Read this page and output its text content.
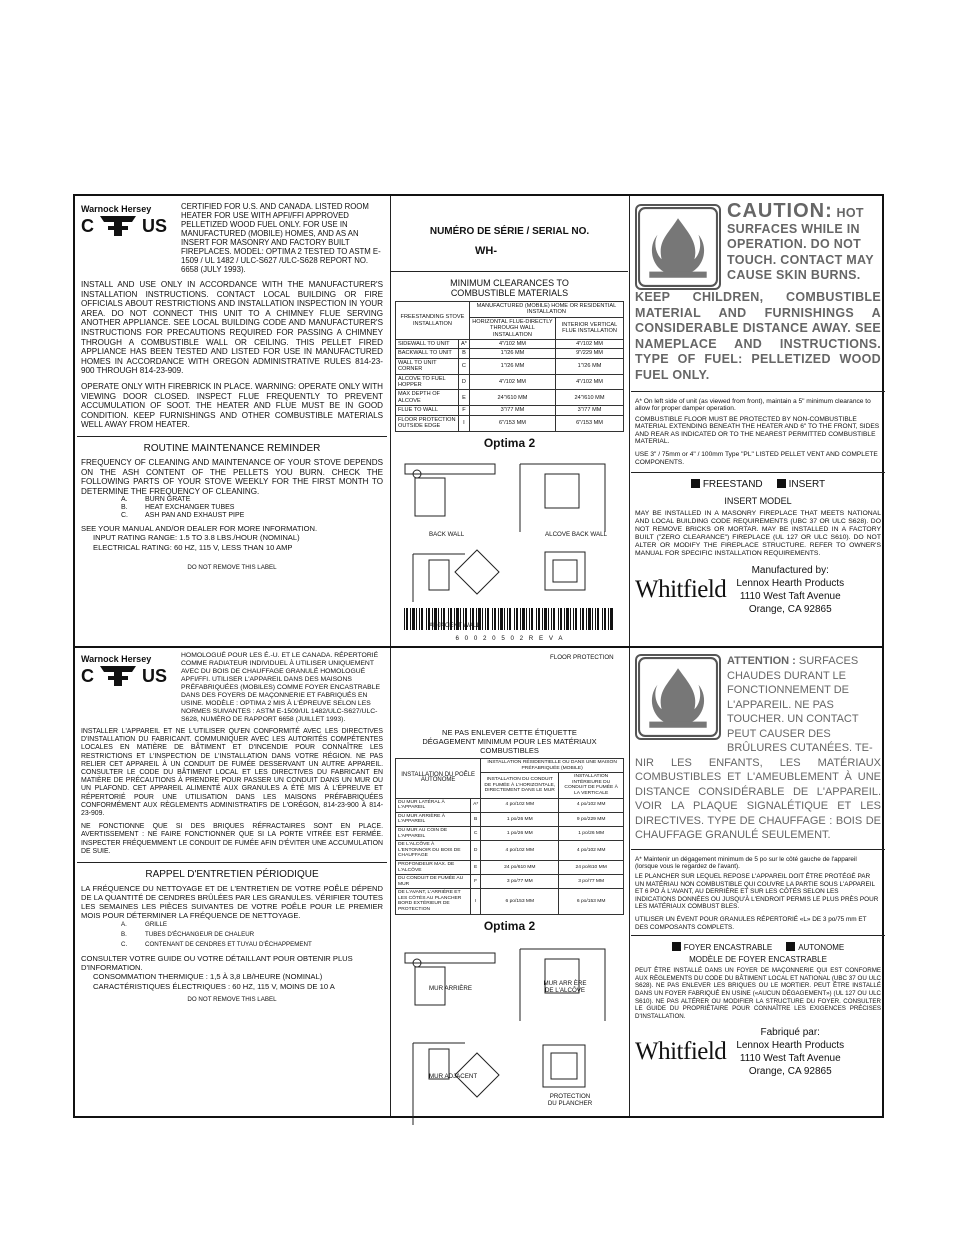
Warnock Hersey
C	US
CERTIFIED FOR U.S. AND CANADA. LISTED ROOM HEATER FOR USE WITH APFI/FFI APPROVED PELLETIZED WOOD FUEL ONLY. FOR USE IN MANUFACTURED (MOBILE) HOMES, AND AS AN INSERT FOR MASONRY AND FACTORY BUILT FIREPLACES. MODEL: OPTIMA 2 TESTED TO ASTM E-1509 / UL 1482 / ULC-S627 /ULC-S628 REPORT NO. 6658 (JULY 1993).
INSTALL AND USE ONLY IN ACCORDANCE WITH THE MANUFACTURER'S INSTALLATION INSTRUCTIONS. CONTACT LOCAL BUILDING OR FIRE OFFICIALS ABOUT RESTRICTIONS AND INSTALLATION INSPECTION IN YOUR AREA. DO NOT CONNECT THIS UNIT TO A CHIMNEY FLUE SERVING ANOTHER APPLIANCE. SEE LOCAL BUILDING CODE AND MANUFACTURER'S INSTRUCTIONS FOR PRECAUTIONS REQUIRED FOR PASSING A CHIMNEY THROUGH A COMBUSTIBLE WALL OR CEILING. THIS PELLET FIRED APPLIANCE HAS BEEN TESTED AND LISTED FOR USE IN MANUFACTURED HOMES IN ACCORDANCE WITH OREGON ADMINISTRATIVE RULES 814-23-900 THROUGH 814-23-909.
OPERATE ONLY WITH FIREBRICK IN PLACE. WARNING: OPERATE ONLY WITH VIEWING DOOR CLOSED. INSPECT FLUE FREQUENTLY TO PREVENT ACCUMULATION OF SOOT. THE HEATER AND FLUE MUST BE IN GOOD CONDITION. KEEP FURNISHINGS AND OTHER COMBUSTIBLE MATERIALS WELL AWAY FROM HEATER.
ROUTINE MAINTENANCE REMINDER
FREQUENCY OF CLEANING AND MAINTENANCE OF YOUR STOVE DEPENDS ON THE ASH CONTENT OF THE PELLETS YOU BURN. CHECK THE FOLLOWING PARTS OF YOUR STOVE WEEKLY FOR THE FIRST MONTH TO DETERMINE THE FREQUENCY OF CLEANING.
A.	BURN GRATE
B.	HEAT EXCHANGER TUBES
C.	ASH PAN AND EXHAUST PIPE
SEE YOUR MANUAL AND/OR DEALER FOR MORE INFORMATION.
INPUT RATING RANGE: 1.5 TO 3.8 LBS./HOUR (NOMINAL)
ELECTRICAL RATING: 60 HZ, 115 V, LESS THAN 10 AMP
DO NOT REMOVE THIS LABEL
NUMÉRO DE SÉRIE / SERIAL NO.
WH-
MINIMUM CLEARANCES TO COMBUSTIBLE MATERIALS
FREESTANDING STOVE INSTALLATION		MANUFACTURED (MOBILE) HOME OR RESIDENTIAL INSTALLATION	
		HORIZONTAL FLUE-DIRECTLY THROUGH WALL INSTALLATION	INTERIOR VERTICAL FLUE INSTALLATION
SIDEWALL TO UNIT	A*	4"/102 MM	4"/102 MM
BACKWALL TO UNIT	B	1"/26 MM	9"/229 MM
WALL TO UNIT CORNER	C	1"/26 MM	1"/26 MM
ALCOVE TO FUEL HOPPER	D	4"/102 MM	4"/102 MM
MAX DEPTH OF ALCOVE	E	24"/610 MM	24"/610 MM
FLUE TO WALL	F	3"/77 MM	3"/77 MM
FLOOR PROTECTION OUTSIDE EDGE	I	6"/153 MM	6"/153 MM
Optima 2
BACK WALL	ALCOVE BACK WALL
ADJACENT WALL
FLOOR PROTECTION
6 0 0 2 0 5 0 2 R E V A
CAUTION: HOT SURFACES WHILE IN OPERATION. DO NOT TOUCH. CONTACT MAY CAUSE SKIN BURNS.
KEEP CHILDREN, COMBUSTIBLE MATERIAL AND FURNISHINGS A CONSIDERABLE DISTANCE AWAY. SEE NAMEPLACE AND INSTRUCTIONS. TYPE OF FUEL: PELLETIZED WOOD FUEL ONLY.
A* On left side of unit (as viewed from front), maintain a 5" minimum clearance to allow for proper damper operation.
COMBUSTIBLE FLOOR MUST BE PROTECTED BY NON-COMBUSTIBLE MATERIAL EXTENDING BENEATH THE HEATER AND 6" TO THE FRONT, SIDES AND REAR AS INDICATED OR TO THE NEAREST PERMITTED COMBUSTIBLE MATERIAL.
USE 3" / 75mm or 4" / 100mm Type "PL" LISTED PELLET VENT AND COMPLETE COMPONENTS.
FREESTAND	INSERT
INSERT MODEL
MAY BE INSTALLED IN A MASONRY FIREPLACE THAT MEETS NATIONAL AND LOCAL BUILDING CODE REQUIREMENTS (UBC 37 OR ULC S628). DO NOT REMOVE BRICKS OR MORTAR. MAY BE INSTALLED IN A FACTORY BUILT ("ZERO CLEARANCE") FIREPLACE (UL 127 OR ULC S610). DO NOT ALTER OR MODIFY THE FIREPLACE STRUCTURE. REFER TO OWNER'S MANUAL FOR SPECIFIC INSTALLATION REQUIREMENTS.
Whitfield
Manufactured by:
Lennox Hearth Products
1110 West Taft Avenue
Orange, CA 92865
Warnock Hersey
C	US
HOMOLOGUÉ POUR LES É.-U. ET LE CANADA. RÉPERTORIÉ COMME RADIATEUR INDIVIDUEL À UTILISER UNIQUEMENT AVEC DU BOIS DE CHAUFFAGE GRANULÉ HOMOLOGUÉ APFI/FFI. UTILISER L'APPAREIL DANS DES MAISONS PRÉFABRIQUÉES (MOBILES) COMME FOYER ENCASTRABLE DANS DES FOYERS DE MAÇONNERIE ET FABRIQUÉS EN USINE. MODÈLE : OPTIMA 2 MIS À L'ÉPREUVE SELON LES NORMES SUIVANTES : ASTM E-1509/UL 1482/ULC-S627/ULC-S628, NUMÉRO DE RAPPORT 6658 (JUILLET 1993).
INSTALLER L'APPAREIL ET NE L'UTILISER QU'EN CONFORMITÉ AVEC LES DIRECTIVES D'INSTALLATION DU FABRICANT. COMMUNIQUER AVEC LES AUTORITÉS COMPÉTENTES LOCALES EN MATIÈRE DE BÂTIMENT ET D'INCENDIE POUR CONNAÎTRE LES RESTRICTIONS ET L'INSPECTION DE L'INSTALLATION DANS VOTRE RÉGION. NE PAS RELIER CET APPAREIL À UN CONDUIT DE FUMÉE DESSERVANT UN AUTRE APPAREIL. CONSULTER LE CODE DU BÂTIMENT LOCAL ET LES DIRECTIVES DU FABRICANT EN MATIÈRE DE PRÉCAUTIONS À PRENDRE POUR PASSER UN CONDUIT DANS UN MUR OU UN PLAFOND. CET APPAREIL ALIMENTÉ AUX GRANULES A ÉTÉ MIS À L'ÉPREUVE ET RÉPERTORIÉ POUR UNE UTILISATION DANS LES MAISONS PRÉFABRIQUÉES CONFORMÉMENT AUX RÈGLEMENTS ADMINISTRATIFS DE L'ORÉGON, 814-23-900 À 814-23-909.
NE FONCTIONNE QUE SI DES BRIQUES RÉFRACTAIRES SONT EN PLACE. AVERTISSEMENT : NE FAIRE FONCTIONNER QUE SI LA PORTE VITRÉE EST FERMÉE. INSPECTER FRÉQUEMMENT LE CONDUIT DE FUMÉE AFIN D'ÉVITER UNE ACCUMULATION DE SUIE.
RAPPEL D'ENTRETIEN PÉRIODIQUE
LA FRÉQUENCE DU NETTOYAGE ET DE L'ENTRETIEN DE VOTRE POÊLE DÉPEND DE LA QUANTITÉ DE CENDRES BRÛLÉES PAR LES GRANULES. VÉRIFIER TOUTES LES SEMAINES LES PIÈCES SUIVANTES DE VOTRE POÊLE POUR LE PREMIER MOIS POUR DÉTERMINER LA FRÉQUENCE DE NETTOYAGE.
A.	GRILLE
B.	TUBES D'ÉCHANGEUR DE CHALEUR
C.	CONTENANT DE CENDRES ET TUYAU D'ÉCHAPPEMENT
CONSULTER VOTRE GUIDE OU VOTRE DÉTAILLANT POUR OBTENIR PLUS D'INFORMATION.
CONSOMMATION THERMIQUE : 1,5 À 3,8 LB/HEURE (NOMINAL)
CARACTÉRISTIQUES ÉLECTRIQUES : 60 HZ, 115 V, MOINS DE 10 A
DO NOT REMOVE THIS LABEL
NE PAS ENLEVER CETTE ÉTIQUETTE
DÉGAGEMENT MINIMUM POUR LES MATÉRIAUX COMBUSTIBLES
INSTALLATION DU POÊLE AUTONOME		INSTALLATION RÉSIDENTIELLE OU DANS UNE MAISON PRÉFABRIQUÉE (MOBILE)	
		INSTALLATION DU CONDUIT DE FUMÉE À L'HORIZONTALE, DIRECTEMENT DANS LE MUR	INSTALLATION INTÉRIEURE DU CONDUIT DE FUMÉE À LA VERTICALE
DU MUR LATÉRAL À L'APPAREIL	A*	4 po/102 MM	4 po/102 MM
DU MUR ARRIÈRE À L'APPAREIL	B	1 po/26 MM	9 po/229 MM
DU MUR AU COIN DE L'APPAREIL	C	1 po/26 MM	1 po/26 MM
DE L'ALCÔVE À L'ENTONNOIR DU BOIS DE CHAUFFAGE	D	4 po/102 MM	4 po/102 MM
PROFONDEUR MAX. DE L'ALCÔVE	E	24 po/610 MM	24 po/610 MM
DU CONDUIT DE FUMÉE AU MUR	F	3 po/77 MM	3 po/77 MM
DE L'AVANT, L'ARRIÈRE ET LES CÔTÉS AU PLANCHER BORD EXTÉRIEUR DE PROTECTION	I	6 po/153 MM	6 po/153 MM
Optima 2
MUR ARRIÈRE
MUR ARR ÈRE DE L'ALCÔVE
MUR ADJACENT
PROTECTION DU PLANCHER
ATTENTION : SURFACES CHAUDES DURANT LE FONCTIONNEMENT DE L'APPAREIL. NE PAS TOUCHER. UN CONTACT PEUT CAUSER DES BRÛLURES CUTANÉES. TE-
NIR LES ENFANTS, LES MATÉRIAUX COMBUSTIBLES ET L'AMEUBLEMENT À UNE DISTANCE CONSIDÉRABLE DE L'APPAREIL. VOIR LA PLAQUE SIGNALÉTIQUE ET LES DIRECTIVES. TYPE DE CHAUFFAGE : BOIS DE CHAUFFAGE GRANULÉ SEULEMENT.
A* Maintenir un dégagement minimum de 5 po sur le côté gauche de l'appareil (lorsque vous le regardez de l'avant).
LE PLANCHER SUR LEQUEL REPOSE L'APPAREIL DOIT ÊTRE PROTÉGÉ PAR UN MATÉRIAU NON COMBUSTIBLE QUI COUVRE LA PARTIE SOUS L'APPAREIL ET 6 PO À L'AVANT, AU DERRIÈRE ET SUR LES CÔTÉS SELON LES INDICATIONS DONNÉES OU JUSQU'À L'ENDROIT PERMIS LE PLUS PRÈS POUR LES MATÉRIAUX COMBUST BLES.
UTILISER UN ÉVENT POUR GRANULES RÉPERTORIÉ «L» DE 3 po/75 mm ET DES COMPOSANTS COMPLETS.
FOYER ENCASTRABLE	AUTONOME
MODÈLE DE FOYER ENCASTRABLE
PEUT ÊTRE INSTALLÉ DANS UN FOYER DE MAÇONNERIE QUI EST CONFORME AUX RÈGLEMENTS DU CODE DU BÂTIMENT LOCAL ET NATIONAL (UBC 37 OU ULC S628). NE PAS ENLEVER LES BRIQUES OU LE MORTIER. PEUT ÊTRE INSTALLÉ DANS UN FOYER FABRIQUÉ EN USINE («AUCUN DÉGAGEMENT») (UL 127 OU ULC S610). NE PAS ALTÉRER OU MODIFIER LA STRUCTURE DU FOYER. CONSULTER LE GUIDE DU PROPRIÉTAIRE POUR CONNAÎTRE LES EXIGENCES PRÉCISES D'INSTALLATION.
Whitfield
Fabriqué par:
Lennox Hearth Products
1110 West Taft Avenue
Orange, CA 92865
